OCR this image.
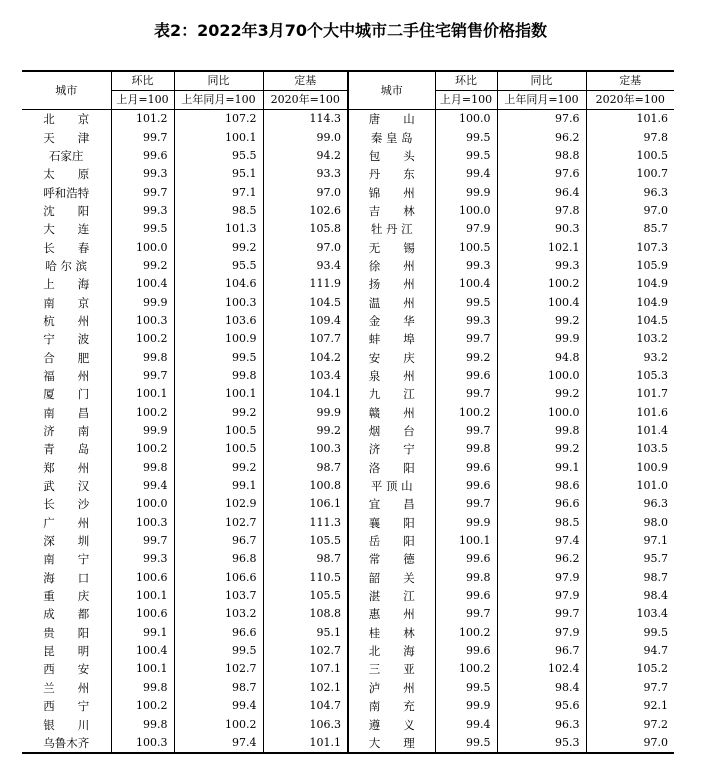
表2：2022年3月70个大中城市二手住宅销售价格指数
城市	环比	同比	定基	城市	环比	同比	定基
	上月=100	上年同月=100	2020年=100		上月=100	上年同月=100	2020年=100
北　　京	101.2	107.2	114.3	唐　　山	100.0	97.6	101.6
天　　津	99.7	100.1	99.0	秦 皇 岛	99.5	96.2	97.8
石家庄	99.6	95.5	94.2	包　　头	99.5	98.8	100.5
太　　原	99.3	95.1	93.3	丹　　东	99.4	97.6	100.7
呼和浩特	99.7	97.1	97.0	锦　　州	99.9	96.4	96.3
沈　　阳	99.3	98.5	102.6	吉　　林	100.0	97.8	97.0
大　　连	99.5	101.3	105.8	牡 丹 江	97.9	90.3	85.7
长　　春	100.0	99.2	97.0	无　　锡	100.5	102.1	107.3
哈 尔 滨	99.2	95.5	93.4	徐　　州	99.3	99.3	105.9
上　　海	100.4	104.6	111.9	扬　　州	100.4	100.2	104.9
南　　京	99.9	100.3	104.5	温　　州	99.5	100.4	104.9
杭　　州	100.3	103.6	109.4	金　　华	99.3	99.2	104.5
宁　　波	100.2	100.9	107.7	蚌　　埠	99.7	99.9	103.2
合　　肥	99.8	99.5	104.2	安　　庆	99.2	94.8	93.2
福　　州	99.7	99.8	103.4	泉　　州	99.6	100.0	105.3
厦　　门	100.1	100.1	104.1	九　　江	99.7	99.2	101.7
南　　昌	100.2	99.2	99.9	赣　　州	100.2	100.0	101.6
济　　南	99.9	100.5	99.2	烟　　台	99.7	99.8	101.4
青　　岛	100.2	100.5	100.3	济　　宁	99.8	99.2	103.5
郑　　州	99.8	99.2	98.7	洛　　阳	99.6	99.1	100.9
武　　汉	99.4	99.1	100.8	平 顶 山	99.6	98.6	101.0
长　　沙	100.0	102.9	106.1	宜　　昌	99.7	96.6	96.3
广　　州	100.3	102.7	111.3	襄　　阳	99.9	98.5	98.0
深　　圳	99.7	96.7	105.5	岳　　阳	100.1	97.4	97.1
南　　宁	99.3	96.8	98.7	常　　德	99.6	96.2	95.7
海　　口	100.6	106.6	110.5	韶　　关	99.8	97.9	98.7
重　　庆	100.1	103.7	105.5	湛　　江	99.6	97.9	98.4
成　　都	100.6	103.2	108.8	惠　　州	99.7	99.7	103.4
贵　　阳	99.1	96.6	95.1	桂　　林	100.2	97.9	99.5
昆　　明	100.4	99.5	102.7	北　　海	99.6	96.7	94.7
西　　安	100.1	102.7	107.1	三　　亚	100.2	102.4	105.2
兰　　州	99.8	98.7	102.1	泸　　州	99.5	98.4	97.7
西　　宁	100.2	99.4	104.7	南　　充	99.9	95.6	92.1
银　　川	99.8	100.2	106.3	遵　　义	99.4	96.3	97.2
乌鲁木齐	100.3	97.4	101.1	大　　理	99.5	95.3	97.0
